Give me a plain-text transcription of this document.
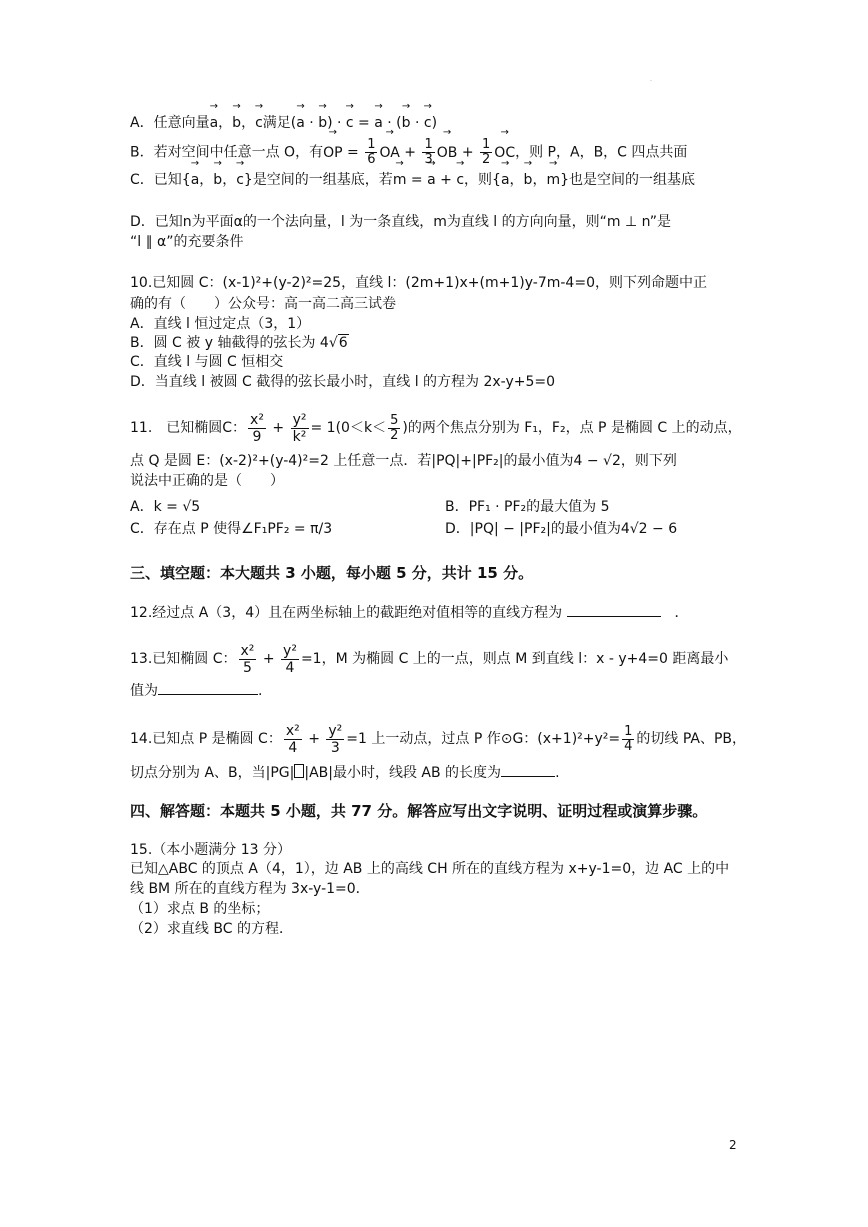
.
A．任意向量→ a，→ b，→ c满足(→ a · → b) · → c = → a · (→ b · → c)
B．若对空间中任意一点 O，有→ OP = $\frac{1}{6}$ → OA + $\frac{1}{3}$ → OB + $\frac{1}{2}$ → OC，则 P，A，B，C 四点共面
C．已知{→ a，→ b，→ c}是空间的一组基底，若→ m = → a + → c，则{→ a，→ b，→ m}也是空间的一组基底
D．已知n为平面α的一个法向量，l 为一条直线，m为直线 l 的方向向量，则“m ⊥ n”是
“l ∥ α”的充要条件
10.已知圆 C：(x-1)²+(y-2)²=25，直线 l：(2m+1)x+(m+1)y-7m-4=0，则下列命题中正
确的有（　　）公众号：高一高二高三试卷
A．直线 l 恒过定点（3，1）
B．圆 C 被 y 轴截得的弦长为 4√6
C．直线 l 与圆 C 恒相交
D．当直线 l 被圆 C 截得的弦长最小时，直线 l 的方程为 2x-y+5=0
11.　已知椭圆C： $\frac{\text{x²}}{9} + \frac{\text{y²}}{\text{k²}} = 1(0<k< \frac{5}{2}$ )的两个焦点分别为 F₁，F₂，点 P 是椭圆 C 上的动点，
点 Q 是圆 E：(x-2)²+(y-4)²=2 上任意一点．若|PQ|+|PF₂|的最小值为4 − √2，则下列
说法中正确的是（　　）
A．k = √5	B．PF₁ · PF₂的最大值为 5
C．存在点 P 使得∠F₁PF₂ = π/3	D．|PQ| − |PF₂|的最小值为4√2 − 6
三、填空题：本大题共 3 小题，每小题 5 分，共计 15 分。
12.经过点 A（3，4）且在两坐标轴上的截距绝对值相等的直线方程为	　．
13.已知椭圆 C： $\frac{\text{x²}}{5} + \frac{\text{y²}}{4} =1$，M 为椭圆 C 上的一点，则点 M 到直线 l：x - y+4=0 距离最小
值为	.
14.已知点 P 是椭圆 C： $\frac{\text{x²}}{4} + \frac{\text{y²}}{3} =1$ 上一动点，过点 P 作⊙G：$(x+1)^2+y^2= \frac{1}{4}$ 的切线 PA、PB，
切点分别为 A、B，当|PG| |AB|最小时，线段 AB 的长度为	.
四、解答题：本题共 5 小题，共 77 分。解答应写出文字说明、证明过程或演算步骤。
15.（本小题满分 13 分）
已知△ABC 的顶点 A（4，1），边 AB 上的高线 CH 所在的直线方程为 x+y-1=0，边 AC 上的中
线 BM 所在的直线方程为 3x-y-1=0．
（1）求点 B 的坐标；
（2）求直线 BC 的方程．
2
